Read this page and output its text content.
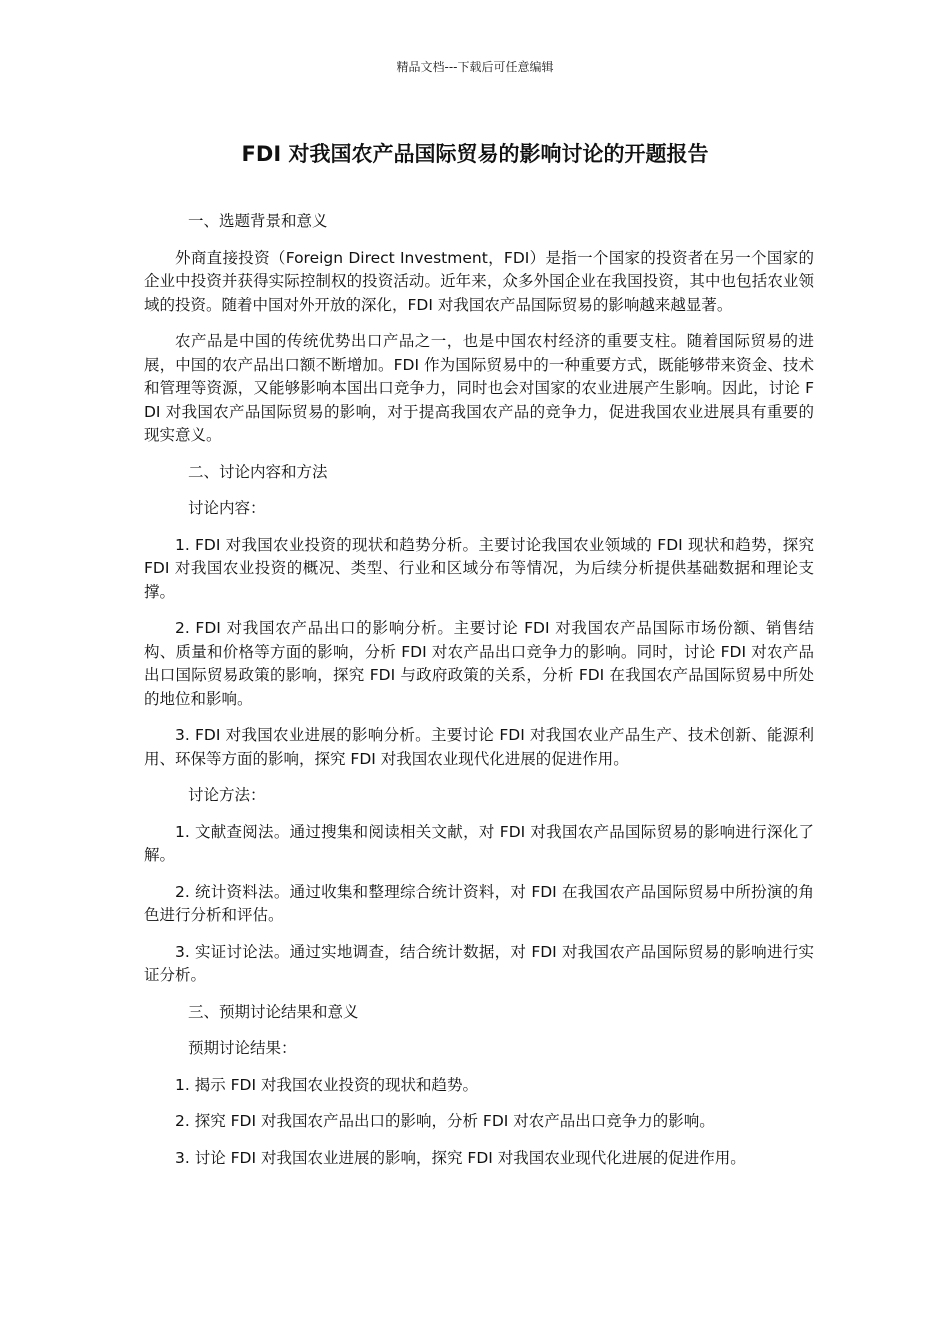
精品文档---下载后可任意编辑
FDI 对我国农产品国际贸易的影响讨论的开题报告

一、选题背景和意义

外商直接投资（Foreign Direct Investment，FDI）是指一个国家的投资者在另一个国家的企业中投资并获得实际控制权的投资活动。近年来，众多外国企业在我国投资，其中也包括农业领域的投资。随着中国对外开放的深化，FDI 对我国农产品国际贸易的影响越来越显著。

农产品是中国的传统优势出口产品之一，也是中国农村经济的重要支柱。随着国际贸易的进展，中国的农产品出口额不断增加。FDI 作为国际贸易中的一种重要方式，既能够带来资金、技术和管理等资源，又能够影响本国出口竞争力，同时也会对国家的农业进展产生影响。因此，讨论 FDI 对我国农产品国际贸易的影响，对于提高我国农产品的竞争力，促进我国农业进展具有重要的现实意义。

二、讨论内容和方法

讨论内容：

1. FDI 对我国农业投资的现状和趋势分析。主要讨论我国农业领域的 FDI 现状和趋势，探究 FDI 对我国农业投资的概况、类型、行业和区域分布等情况，为后续分析提供基础数据和理论支撑。

2. FDI 对我国农产品出口的影响分析。主要讨论 FDI 对我国农产品国际市场份额、销售结构、质量和价格等方面的影响，分析 FDI 对农产品出口竞争力的影响。同时，讨论 FDI 对农产品出口国际贸易政策的影响，探究 FDI 与政府政策的关系，分析 FDI 在我国农产品国际贸易中所处的地位和影响。

3. FDI 对我国农业进展的影响分析。主要讨论 FDI 对我国农业产品生产、技术创新、能源利用、环保等方面的影响，探究 FDI 对我国农业现代化进展的促进作用。

讨论方法：

1. 文献查阅法。通过搜集和阅读相关文献，对 FDI 对我国农产品国际贸易的影响进行深化了解。

2. 统计资料法。通过收集和整理综合统计资料，对 FDI 在我国农产品国际贸易中所扮演的角色进行分析和评估。

3. 实证讨论法。通过实地调查，结合统计数据，对 FDI 对我国农产品国际贸易的影响进行实证分析。

三、预期讨论结果和意义

预期讨论结果：

1. 揭示 FDI 对我国农业投资的现状和趋势。

2. 探究 FDI 对我国农产品出口的影响，分析 FDI 对农产品出口竞争力的影响。

3. 讨论 FDI 对我国农业进展的影响，探究 FDI 对我国农业现代化进展的促进作用。
